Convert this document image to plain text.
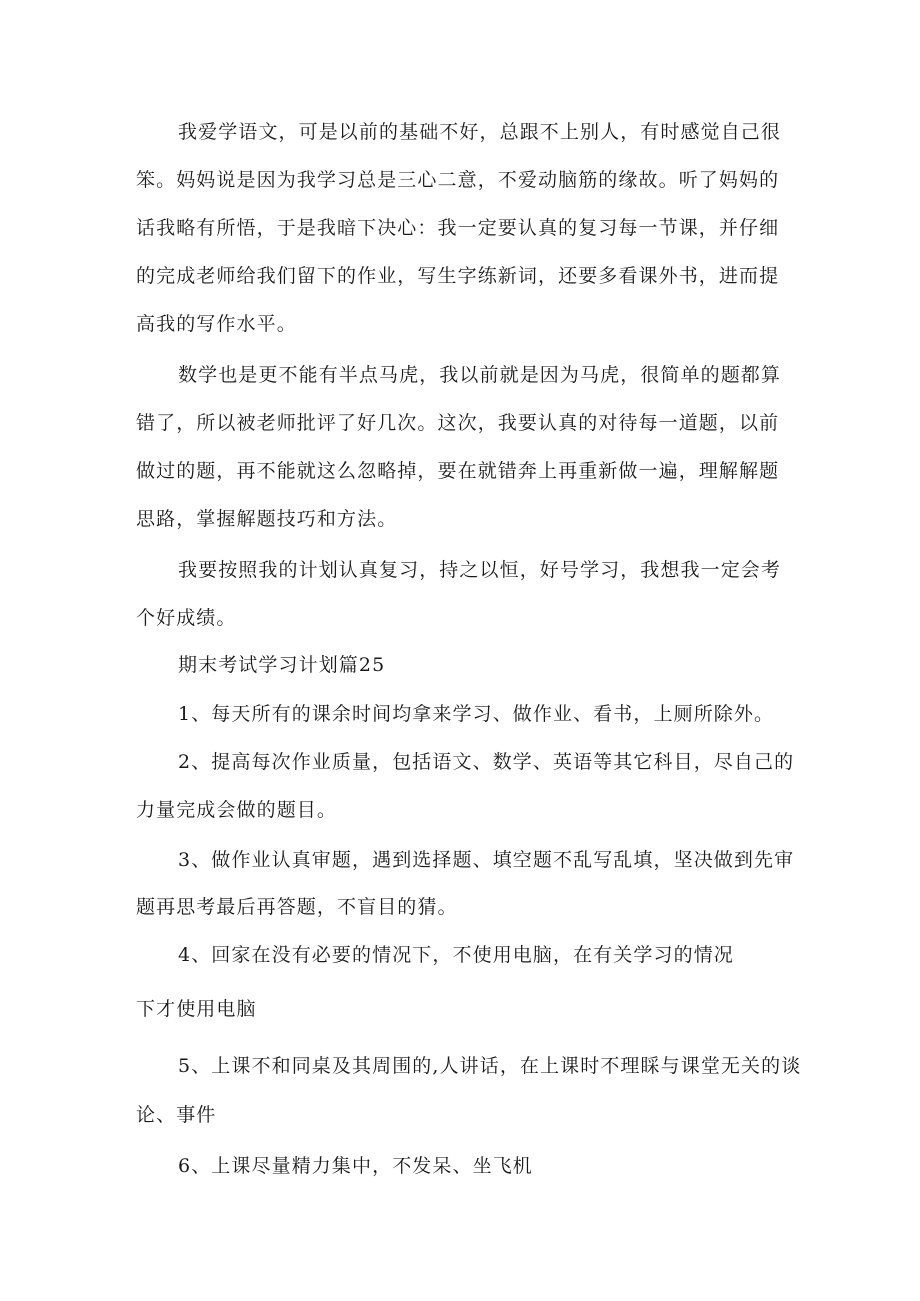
我爱学语文，可是以前的基础不好，总跟不上别人，有时感觉自己很
笨。妈妈说是因为我学习总是三心二意，不爱动脑筋的缘故。听了妈妈的
话我略有所悟，于是我暗下决心：我一定要认真的复习每一节课，并仔细
的完成老师给我们留下的作业，写生字练新词，还要多看课外书，进而提
高我的写作水平。
数学也是更不能有半点马虎，我以前就是因为马虎，很简单的题都算
错了，所以被老师批评了好几次。这次，我要认真的对待每一道题，以前
做过的题，再不能就这么忽略掉，要在就错奔上再重新做一遍，理解解题
思路，掌握解题技巧和方法。
我要按照我的计划认真复习，持之以恒，好号学习，我想我一定会考
个好成绩。
期末考试学习计划篇25
1、每天所有的课余时间均拿来学习、做作业、看书，上厕所除外。
2、提高每次作业质量，包括语文、数学、英语等其它科目，尽自己的
力量完成会做的题目。
3、做作业认真审题，遇到选择题、填空题不乱写乱填，坚决做到先审
题再思考最后再答题，不盲目的猜。
4、回家在没有必要的情况下，不使用电脑，在有关学习的情况
下才使用电脑
5、上课不和同桌及其周围的,人讲话，在上课时不理睬与课堂无关的谈
论、事件
6、上课尽量精力集中，不发呆、坐飞机
